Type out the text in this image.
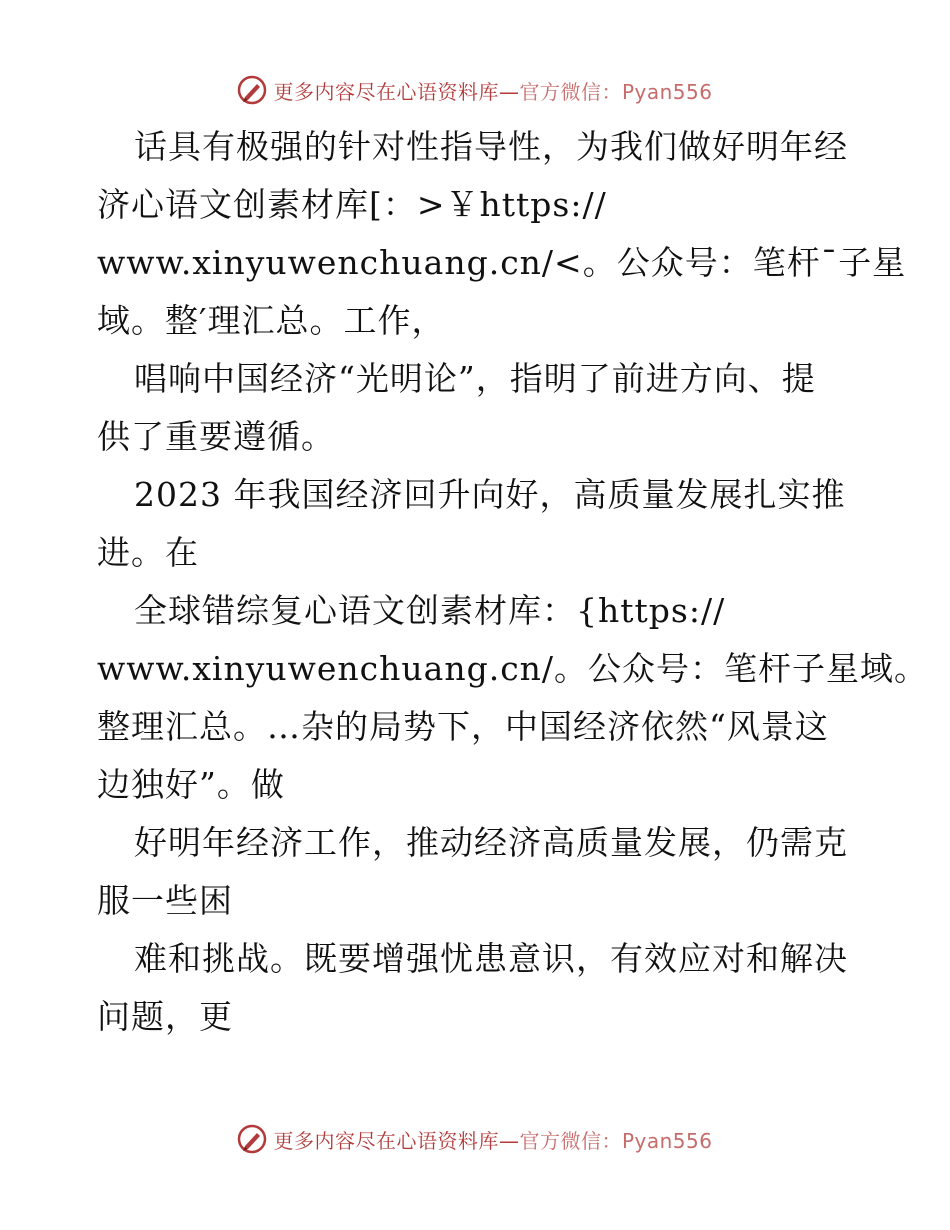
更多内容尽在心语资料库— 官方微信：Pyan556
话具有极强的针对性指导性，为我们做好明年经
济心语文创素材库[：>￥https://
www.xinyuwenchuang.cn/<。公众号：笔杆¯子星
域。整′理汇总。工作，
唱响中国经济“光明论”，指明了前进方向、提
供了重要遵循。
2023 年我国经济回升向好，高质量发展扎实推
进。在
全球错综复心语文创素材库：{https://
www.xinyuwenchuang.cn/。公众号：笔杆子星域。
整理汇总。…杂的局势下，中国经济依然“风景这
边独好”。做
好明年经济工作，推动经济高质量发展，仍需克
服一些困
难和挑战。既要增强忧患意识，有效应对和解决
问题，更
更多内容尽在心语资料库— 官方微信：Pyan556
